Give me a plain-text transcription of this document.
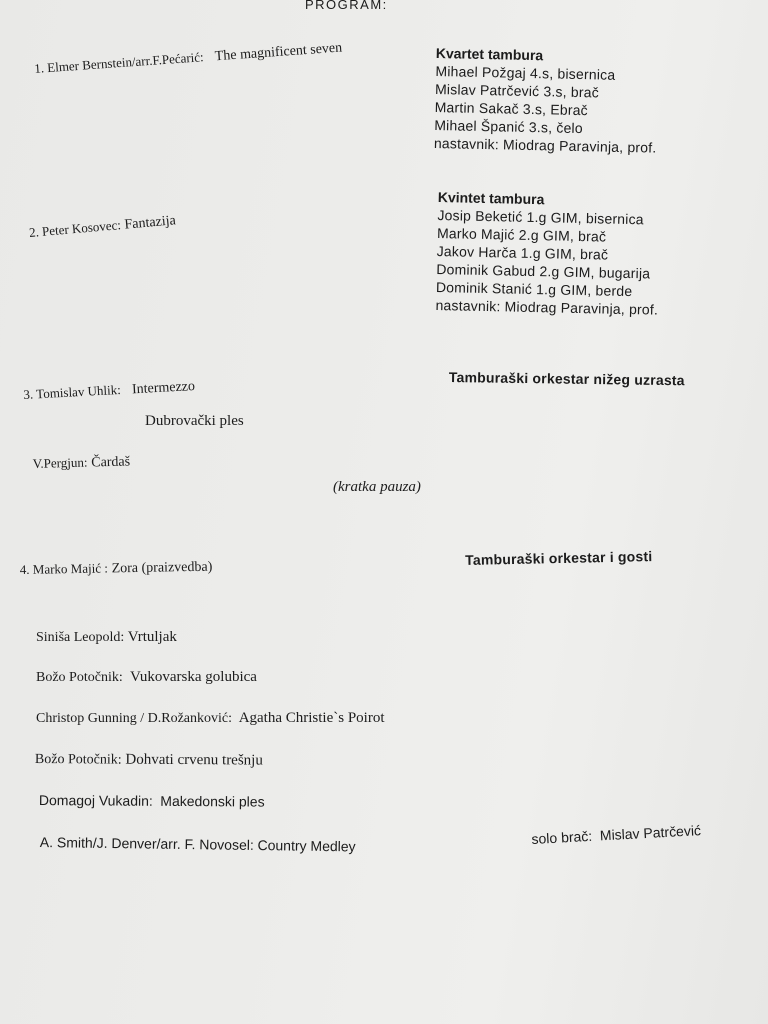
PROGRAM:
1. Elmer Bernstein/arr.F.Pećarić: The magnificent seven	Kvartet tambura
Mihael Požgaj 4.s, bisernica
Mislav Patrčević 3.s, brač
Martin Sakač 3.s, Ebrač
Mihael Španić 3.s, čelo
nastavnik: Miodrag Paravinja, prof.
2. Peter Kosovec: Fantazija
Kvintet tambura
Josip Beketić 1.g GIM, bisernica
Marko Majić 2.g GIM, brač
Jakov Harča 1.g GIM, brač
Dominik Gabud 2.g GIM, bugarija
Dominik Stanić 1.g GIM, berde
nastavnik: Miodrag Paravinja, prof.
Tamburaški orkestar nižeg uzrasta
3. Tomislav Uhlik: Intermezzo
Dubrovački ples
V.Pergjun: Čardaš
(kratka pauza)
Tamburaški orkestar i gosti
4. Marko Majić : Zora (praizvedba)
Siniša Leopold: Vrtuljak
Božo Potočnik: Vukovarska golubica
Christop Gunning / D.Rožanković: Agatha Christie`s Poirot
Božo Potočnik: Dohvati crvenu trešnju
Domagoj Vukadin: Makedonski ples
A. Smith/J. Denver/arr. F. Novosel: Country Medley	solo brač: Mislav Patrčević
